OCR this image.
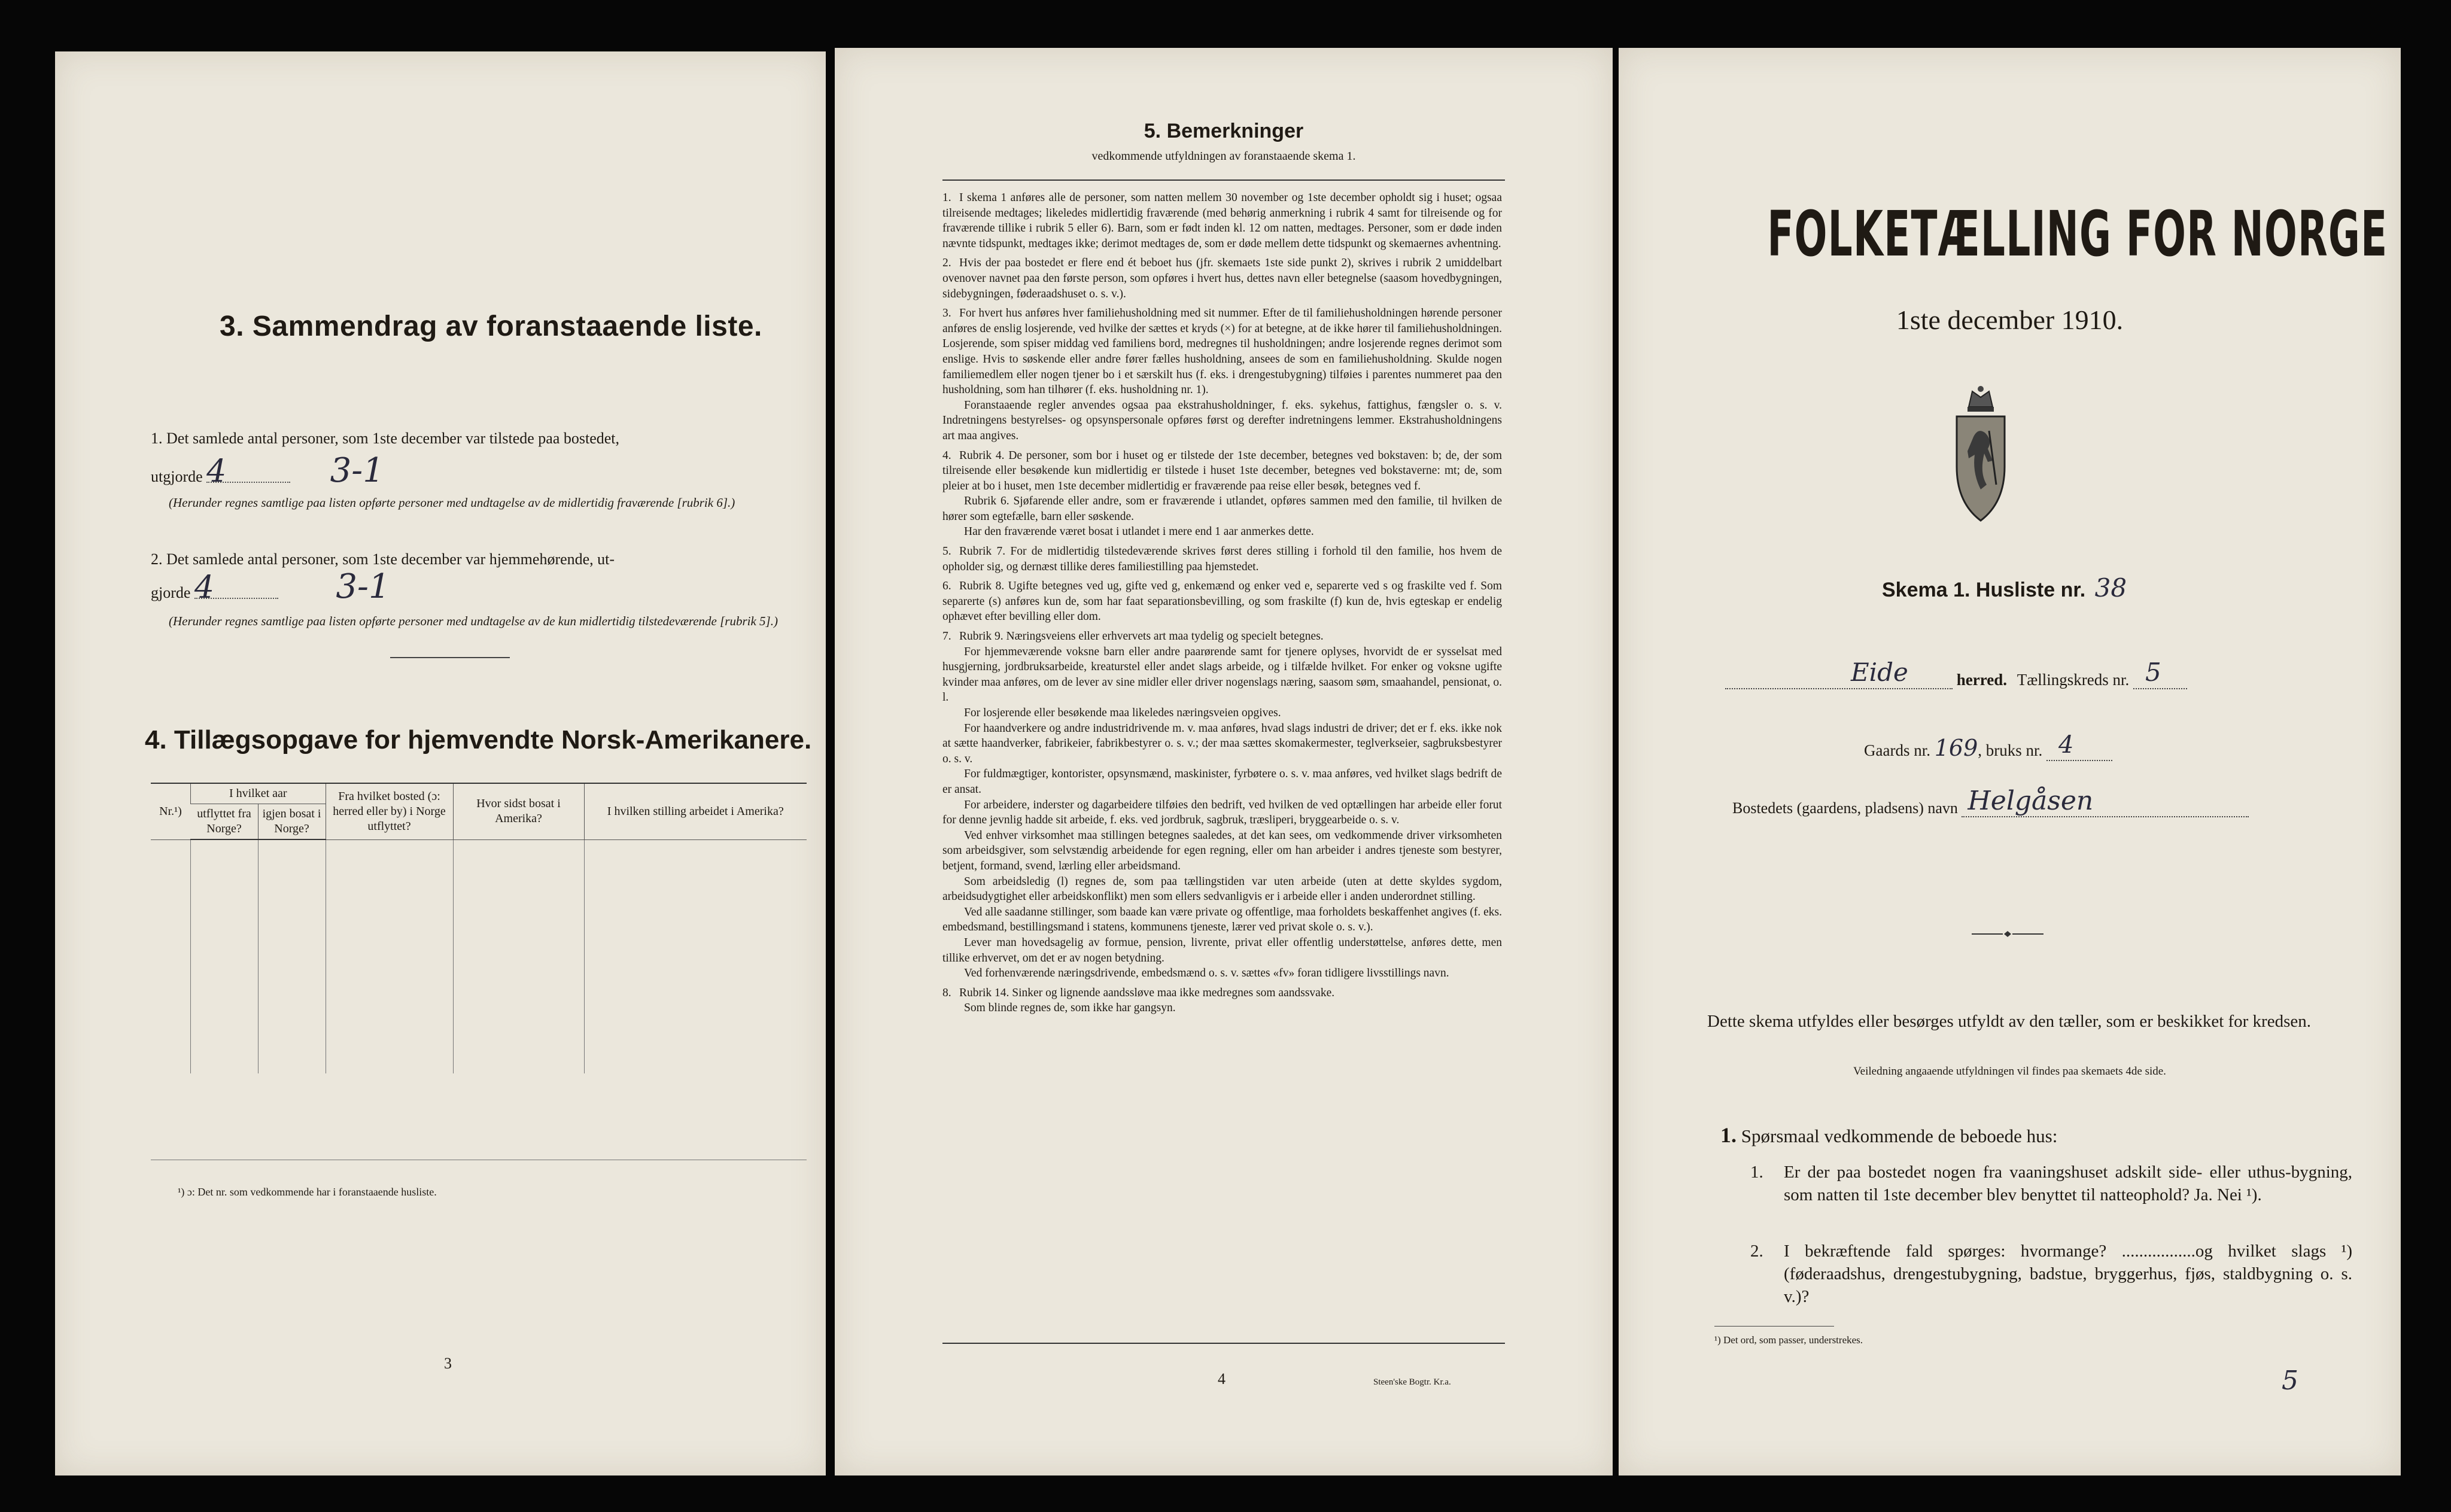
3. Sammendrag av foranstaaende liste.
1. Det samlede antal personer, som 1ste december var tilstede paa bostedet,
utgjorde 4	3-1
(Herunder regnes samtlige paa listen opførte personer med undtagelse av de midlertidig fraværende [rubrik 6].)
2. Det samlede antal personer, som 1ste december var hjemmehørende, ut-
gjorde 4	3-1
(Herunder regnes samtlige paa listen opførte personer med undtagelse av de kun midlertidig tilstedeværende [rubrik 5].)
4. Tillægsopgave for hjemvendte Norsk-Amerikanere.
Nr.¹)	I hvilket aar		Fra hvilket bosted (ɔ: herred eller by) i Norge utflyttet?	Hvor sidst bosat i Amerika?	I hvilken stilling arbeidet i Amerika?
	utflyttet fra Norge?	igjen bosat i Norge?			

¹) ɔ: Det nr. som vedkommende har i foranstaaende husliste.
3
5. Bemerkninger
vedkommende utfyldningen av foranstaaende skema 1.

1. I skema 1 anføres alle de personer, som natten mellem 30 november og 1ste december opholdt sig i huset; ogsaa tilreisende medtages; likeledes midlertidig fraværende (med behørig anmerkning i rubrik 4 samt for tilreisende og for fraværende tillike i rubrik 5 eller 6). Barn, som er født inden kl. 12 om natten, medtages. Personer, som er døde inden nævnte tidspunkt, medtages ikke; derimot medtages de, som er døde mellem dette tidspunkt og skemaernes avhentning.

2. Hvis der paa bostedet er flere end ét beboet hus (jfr. skemaets 1ste side punkt 2), skrives i rubrik 2 umiddelbart ovenover navnet paa den første person, som opføres i hvert hus, dettes navn eller betegnelse (saasom hovedbygningen, sidebygningen, føderaadshuset o. s. v.).

3. For hvert hus anføres hver familiehusholdning med sit nummer. Efter de til familiehusholdningen hørende personer anføres de enslig losjerende, ved hvilke der sættes et kryds (×) for at betegne, at de ikke hører til familiehusholdningen. Losjerende, som spiser middag ved familiens bord, medregnes til husholdningen; andre losjerende regnes derimot som enslige. Hvis to søskende eller andre fører fælles husholdning, ansees de som en familiehusholdning. Skulde nogen familiemedlem eller nogen tjener bo i et særskilt hus (f. eks. i drengestubygning) tilføies i parentes nummeret paa den husholdning, som han tilhører (f. eks. husholdning nr. 1).

Foranstaaende regler anvendes ogsaa paa ekstrahusholdninger, f. eks. sykehus, fattighus, fængsler o. s. v. Indretningens bestyrelses- og opsynspersonale opføres først og derefter indretningens lemmer. Ekstrahusholdningens art maa angives.

4. Rubrik 4. De personer, som bor i huset og er tilstede der 1ste december, betegnes ved bokstaven: b; de, der som tilreisende eller besøkende kun midlertidig er tilstede i huset 1ste december, betegnes ved bokstaverne: mt; de, som pleier at bo i huset, men 1ste december midlertidig er fraværende paa reise eller besøk, betegnes ved f.

Rubrik 6. Sjøfarende eller andre, som er fraværende i utlandet, opføres sammen med den familie, til hvilken de hører som egtefælle, barn eller søskende.

Har den fraværende været bosat i utlandet i mere end 1 aar anmerkes dette.

5. Rubrik 7. For de midlertidig tilstedeværende skrives først deres stilling i forhold til den familie, hos hvem de opholder sig, og dernæst tillike deres familiestilling paa hjemstedet.

6. Rubrik 8. Ugifte betegnes ved ug, gifte ved g, enkemænd og enker ved e, separerte ved s og fraskilte ved f. Som separerte (s) anføres kun de, som har faat separationsbevilling, og som fraskilte (f) kun de, hvis egteskap er endelig ophævet efter bevilling eller dom.

7. Rubrik 9. Næringsveiens eller erhvervets art maa tydelig og specielt betegnes.

For hjemmeværende voksne barn eller andre paarørende samt for tjenere oplyses, hvorvidt de er sysselsat med husgjerning, jordbruksarbeide, kreaturstel eller andet slags arbeide, og i tilfælde hvilket. For enker og voksne ugifte kvinder maa anføres, om de lever av sine midler eller driver nogenslags næring, saasom søm, smaahandel, pensionat, o. l.

For losjerende eller besøkende maa likeledes næringsveien opgives.

For haandverkere og andre industridrivende m. v. maa anføres, hvad slags industri de driver; det er f. eks. ikke nok at sætte haandverker, fabrikeier, fabrikbestyrer o. s. v.; der maa sættes skomakermester, teglverkseier, sagbruksbestyrer o. s. v.

For fuldmægtiger, kontorister, opsynsmænd, maskinister, fyrbøtere o. s. v. maa anføres, ved hvilket slags bedrift de er ansat.

For arbeidere, inderster og dagarbeidere tilføies den bedrift, ved hvilken de ved optællingen har arbeide eller forut for denne jevnlig hadde sit arbeide, f. eks. ved jordbruk, sagbruk, træsliperi, bryggearbeide o. s. v.

Ved enhver virksomhet maa stillingen betegnes saaledes, at det kan sees, om vedkommende driver virksomheten som arbeidsgiver, som selvstændig arbeidende for egen regning, eller om han arbeider i andres tjeneste som bestyrer, betjent, formand, svend, lærling eller arbeidsmand.

Som arbeidsledig (l) regnes de, som paa tællingstiden var uten arbeide (uten at dette skyldes sygdom, arbeidsudygtighet eller arbeidskonflikt) men som ellers sedvanligvis er i arbeide eller i anden underordnet stilling.

Ved alle saadanne stillinger, som baade kan være private og offentlige, maa forholdets beskaffenhet angives (f. eks. embedsmand, bestillingsmand i statens, kommunens tjeneste, lærer ved privat skole o. s. v.).

Lever man hovedsagelig av formue, pension, livrente, privat eller offentlig understøttelse, anføres dette, men tillike erhvervet, om det er av nogen betydning.

Ved forhenværende næringsdrivende, embedsmænd o. s. v. sættes «fv» foran tidligere livsstillings navn.

8. Rubrik 14. Sinker og lignende aandssløve maa ikke medregnes som aandssvake.

Som blinde regnes de, som ikke har gangsyn.

4	Steen'ske Bogtr. Kr.a.
FOLKETÆLLING FOR NORGE
1ste december 1910.
Skema 1. Husliste nr. 38
Eide	herred. Tællingskreds nr. 5
Gaards nr. 169, bruks nr. 4
Bostedets (gaardens, pladsens) navn Helgåsen
Dette skema utfyldes eller besørges utfyldt av den tæller, som er beskikket for kredsen.
Veiledning angaaende utfyldningen vil findes paa skemaets 4de side.
1. Spørsmaal vedkommende de beboede hus:
1. Er der paa bostedet nogen fra vaaningshuset adskilt side- eller uthus-bygning, som natten til 1ste december blev benyttet til natteophold? Ja. Nei ¹).
2. I bekræftende fald spørges: hvormange? .................og hvilket slags ¹) (føderaadshus, drengestubygning, badstue, bryggerhus, fjøs, staldbygning o. s. v.)?
¹) Det ord, som passer, understrekes.
5
